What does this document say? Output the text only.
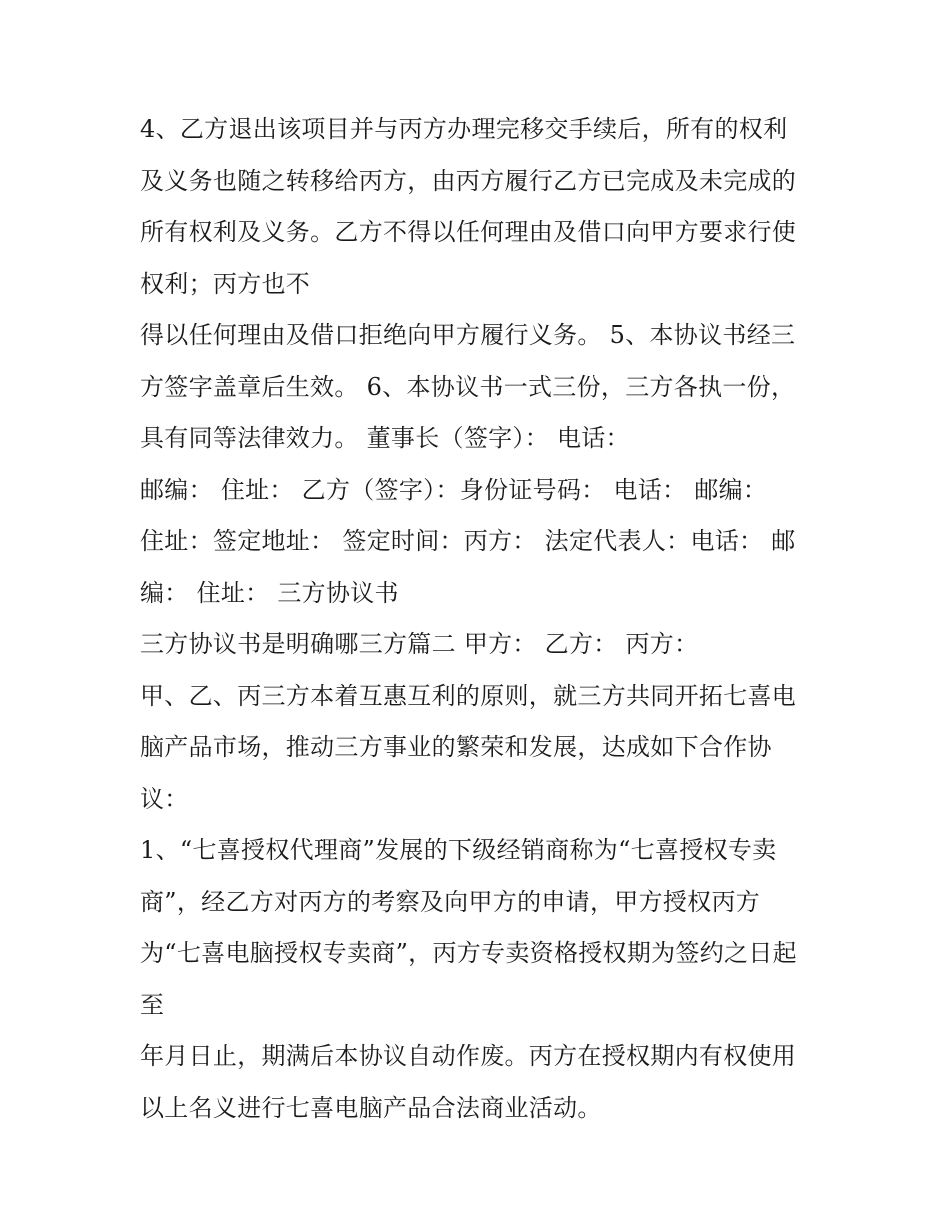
4、乙方退出该项目并与丙方办理完移交手续后，所有的权利
及义务也随之转移给丙方，由丙方履行乙方已完成及未完成的
所有权利及义务。乙方不得以任何理由及借口向甲方要求行使
权利；丙方也不
得以任何理由及借口拒绝向甲方履行义务。 5、本协议书经三
方签字盖章后生效。 6、本协议书一式三份，三方各执一份，
具有同等法律效力。 董事长（签字）： 电话：
邮编： 住址： 乙方（签字）：身份证号码： 电话： 邮编：
住址：签定地址： 签定时间：丙方： 法定代表人：电话： 邮
编： 住址： 三方协议书
三方协议书是明确哪三方篇二 甲方： 乙方： 丙方：
甲、乙、丙三方本着互惠互利的原则，就三方共同开拓七喜电
脑产品市场，推动三方事业的繁荣和发展，达成如下合作协
议：
1、“七喜授权代理商”发展的下级经销商称为“七喜授权专卖
商”，经乙方对丙方的考察及向甲方的申请，甲方授权丙方
为“七喜电脑授权专卖商”，丙方专卖资格授权期为签约之日起
至
年月日止，期满后本协议自动作废。丙方在授权期内有权使用
以上名义进行七喜电脑产品合法商业活动。
